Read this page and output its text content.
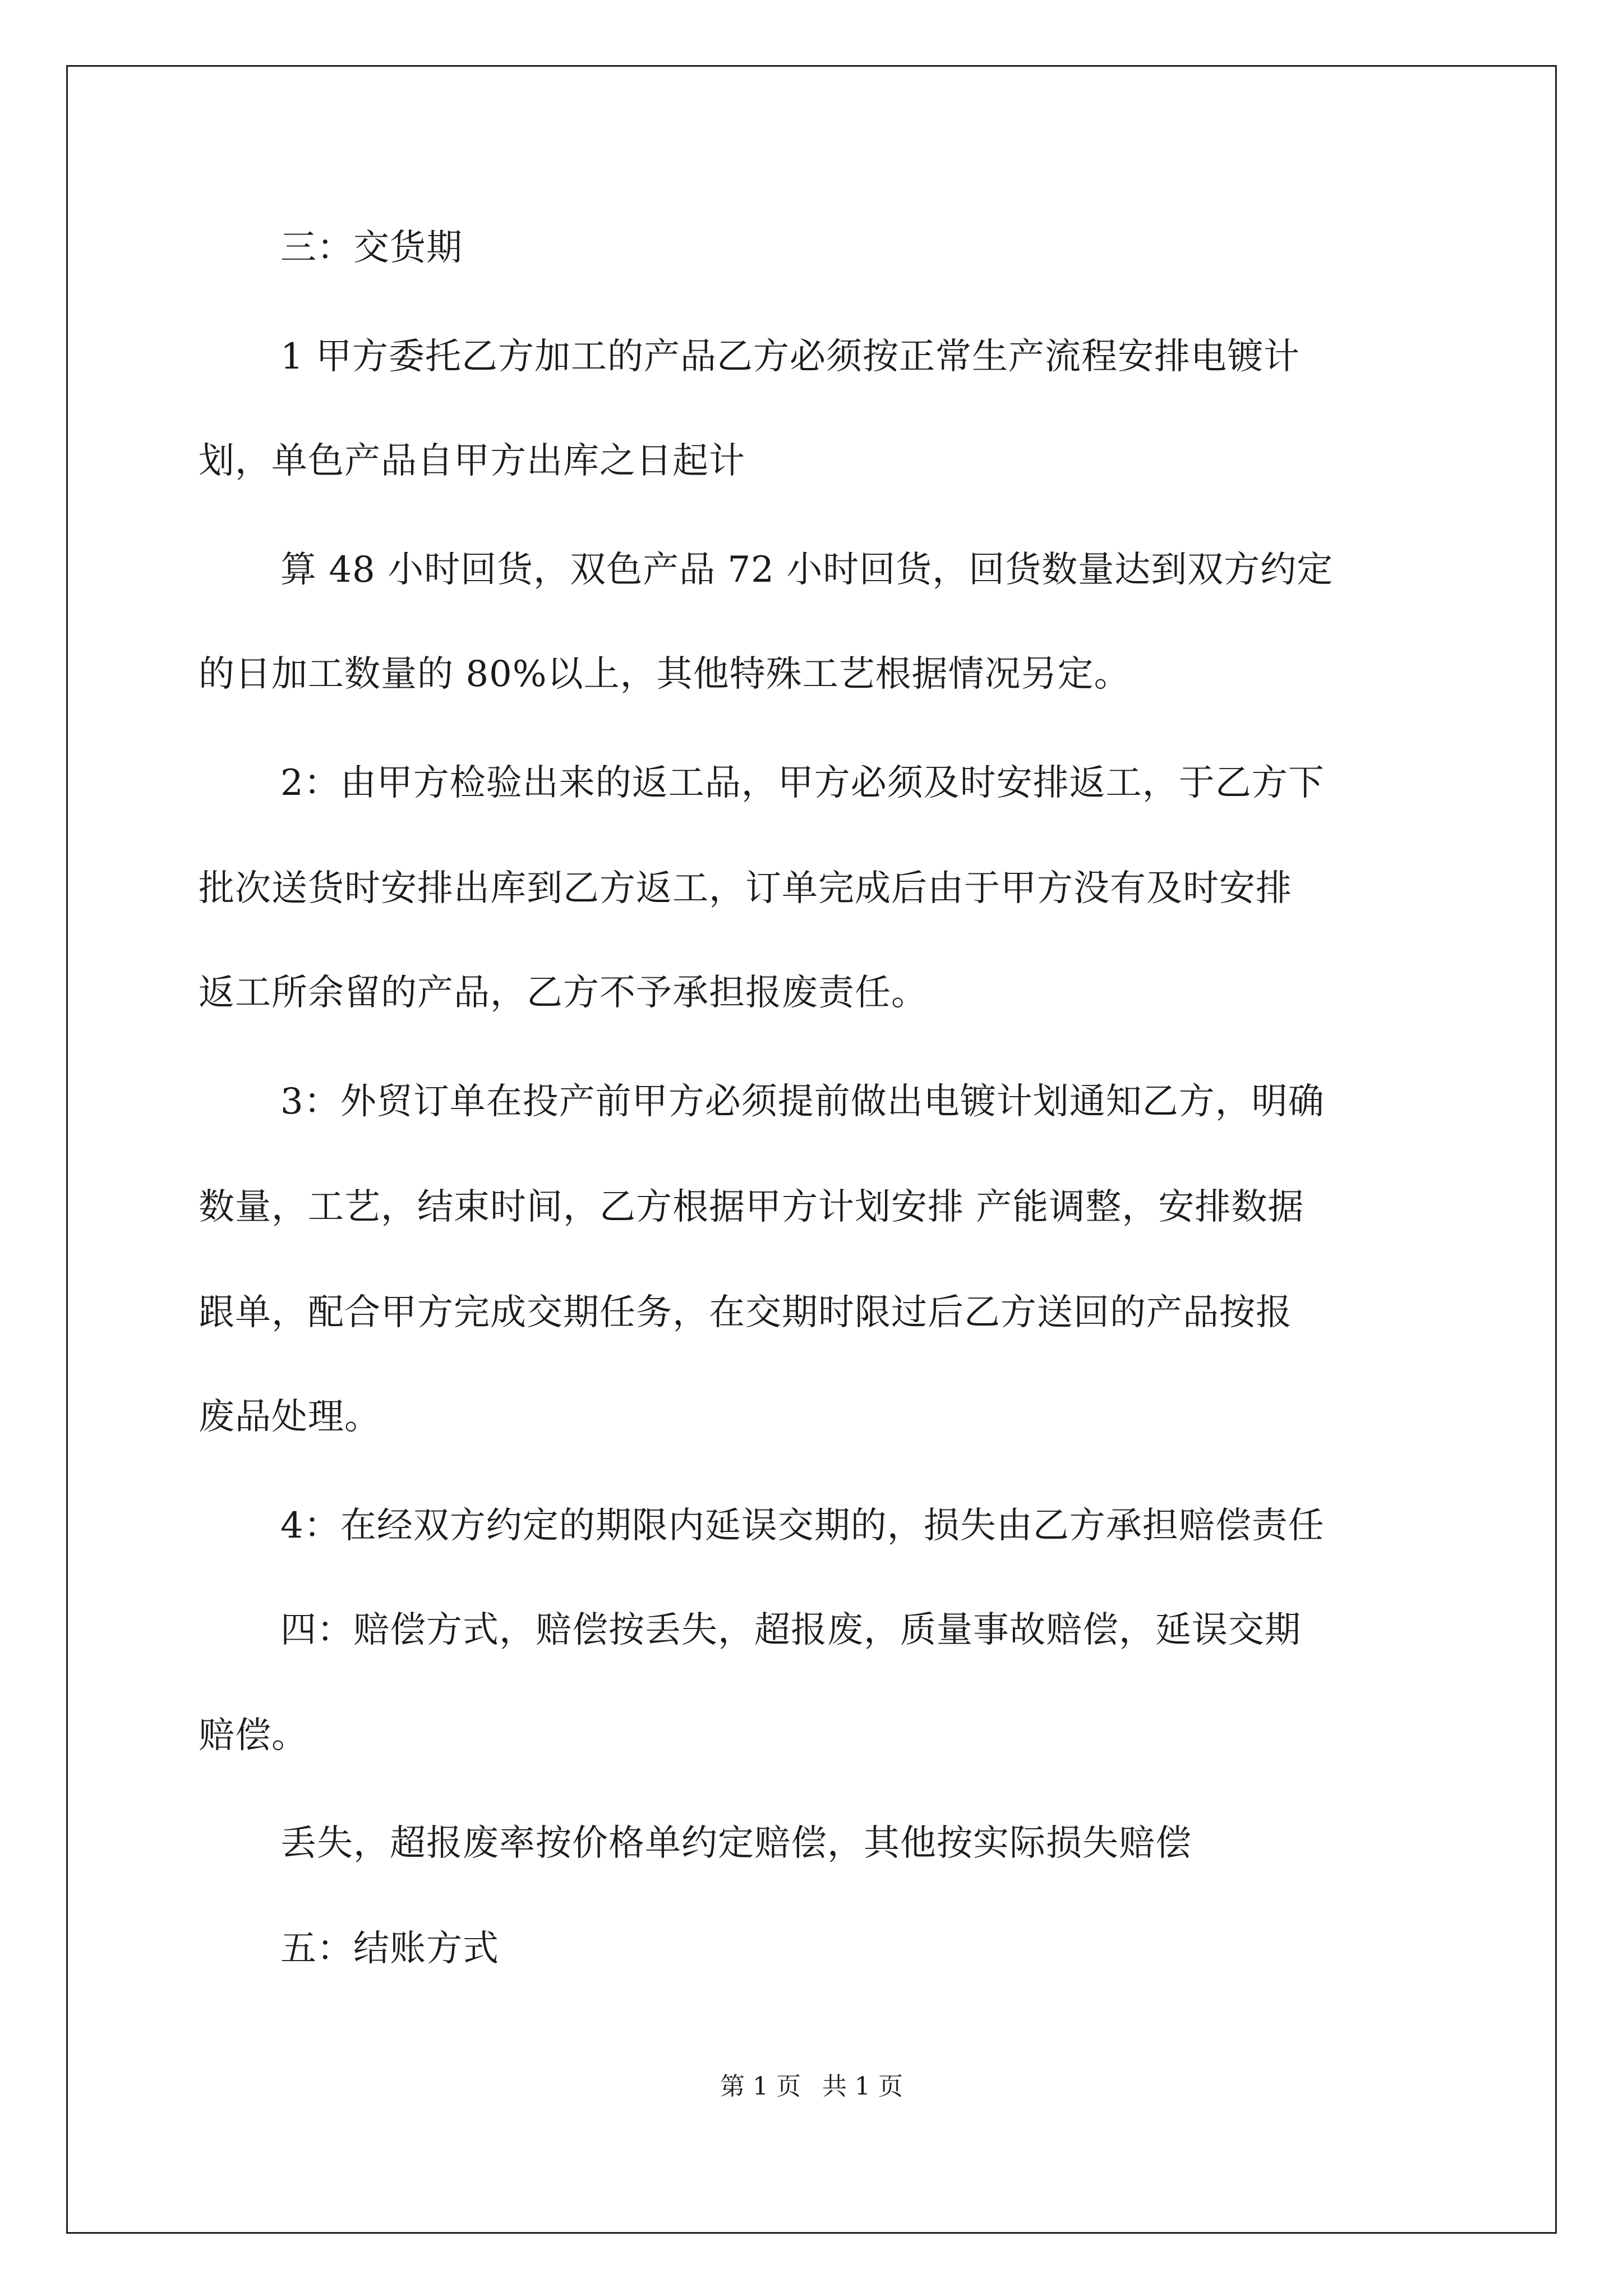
三：交货期
1 甲方委托乙方加工的产品乙方必须按正常生产流程安排电镀计
划，单色产品自甲方出库之日起计
算 48 小时回货，双色产品 72 小时回货，回货数量达到双方约定
的日加工数量的 80%以上，其他特殊工艺根据情况另定。
2：由甲方检验出来的返工品，甲方必须及时安排返工，于乙方下
批次送货时安排出库到乙方返工，订单完成后由于甲方没有及时安排
返工所余留的产品，乙方不予承担报废责任。
3：外贸订单在投产前甲方必须提前做出电镀计划通知乙方，明确
数量，工艺，结束时间，乙方根据甲方计划安排 产能调整，安排数据
跟单，配合甲方完成交期任务，在交期时限过后乙方送回的产品按报
废品处理。
4：在经双方约定的期限内延误交期的，损失由乙方承担赔偿责任
四：赔偿方式，赔偿按丢失，超报废，质量事故赔偿，延误交期
赔偿。
丢失，超报废率按价格单约定赔偿，其他按实际损失赔偿
五：结账方式
第 1 页 共 1 页
